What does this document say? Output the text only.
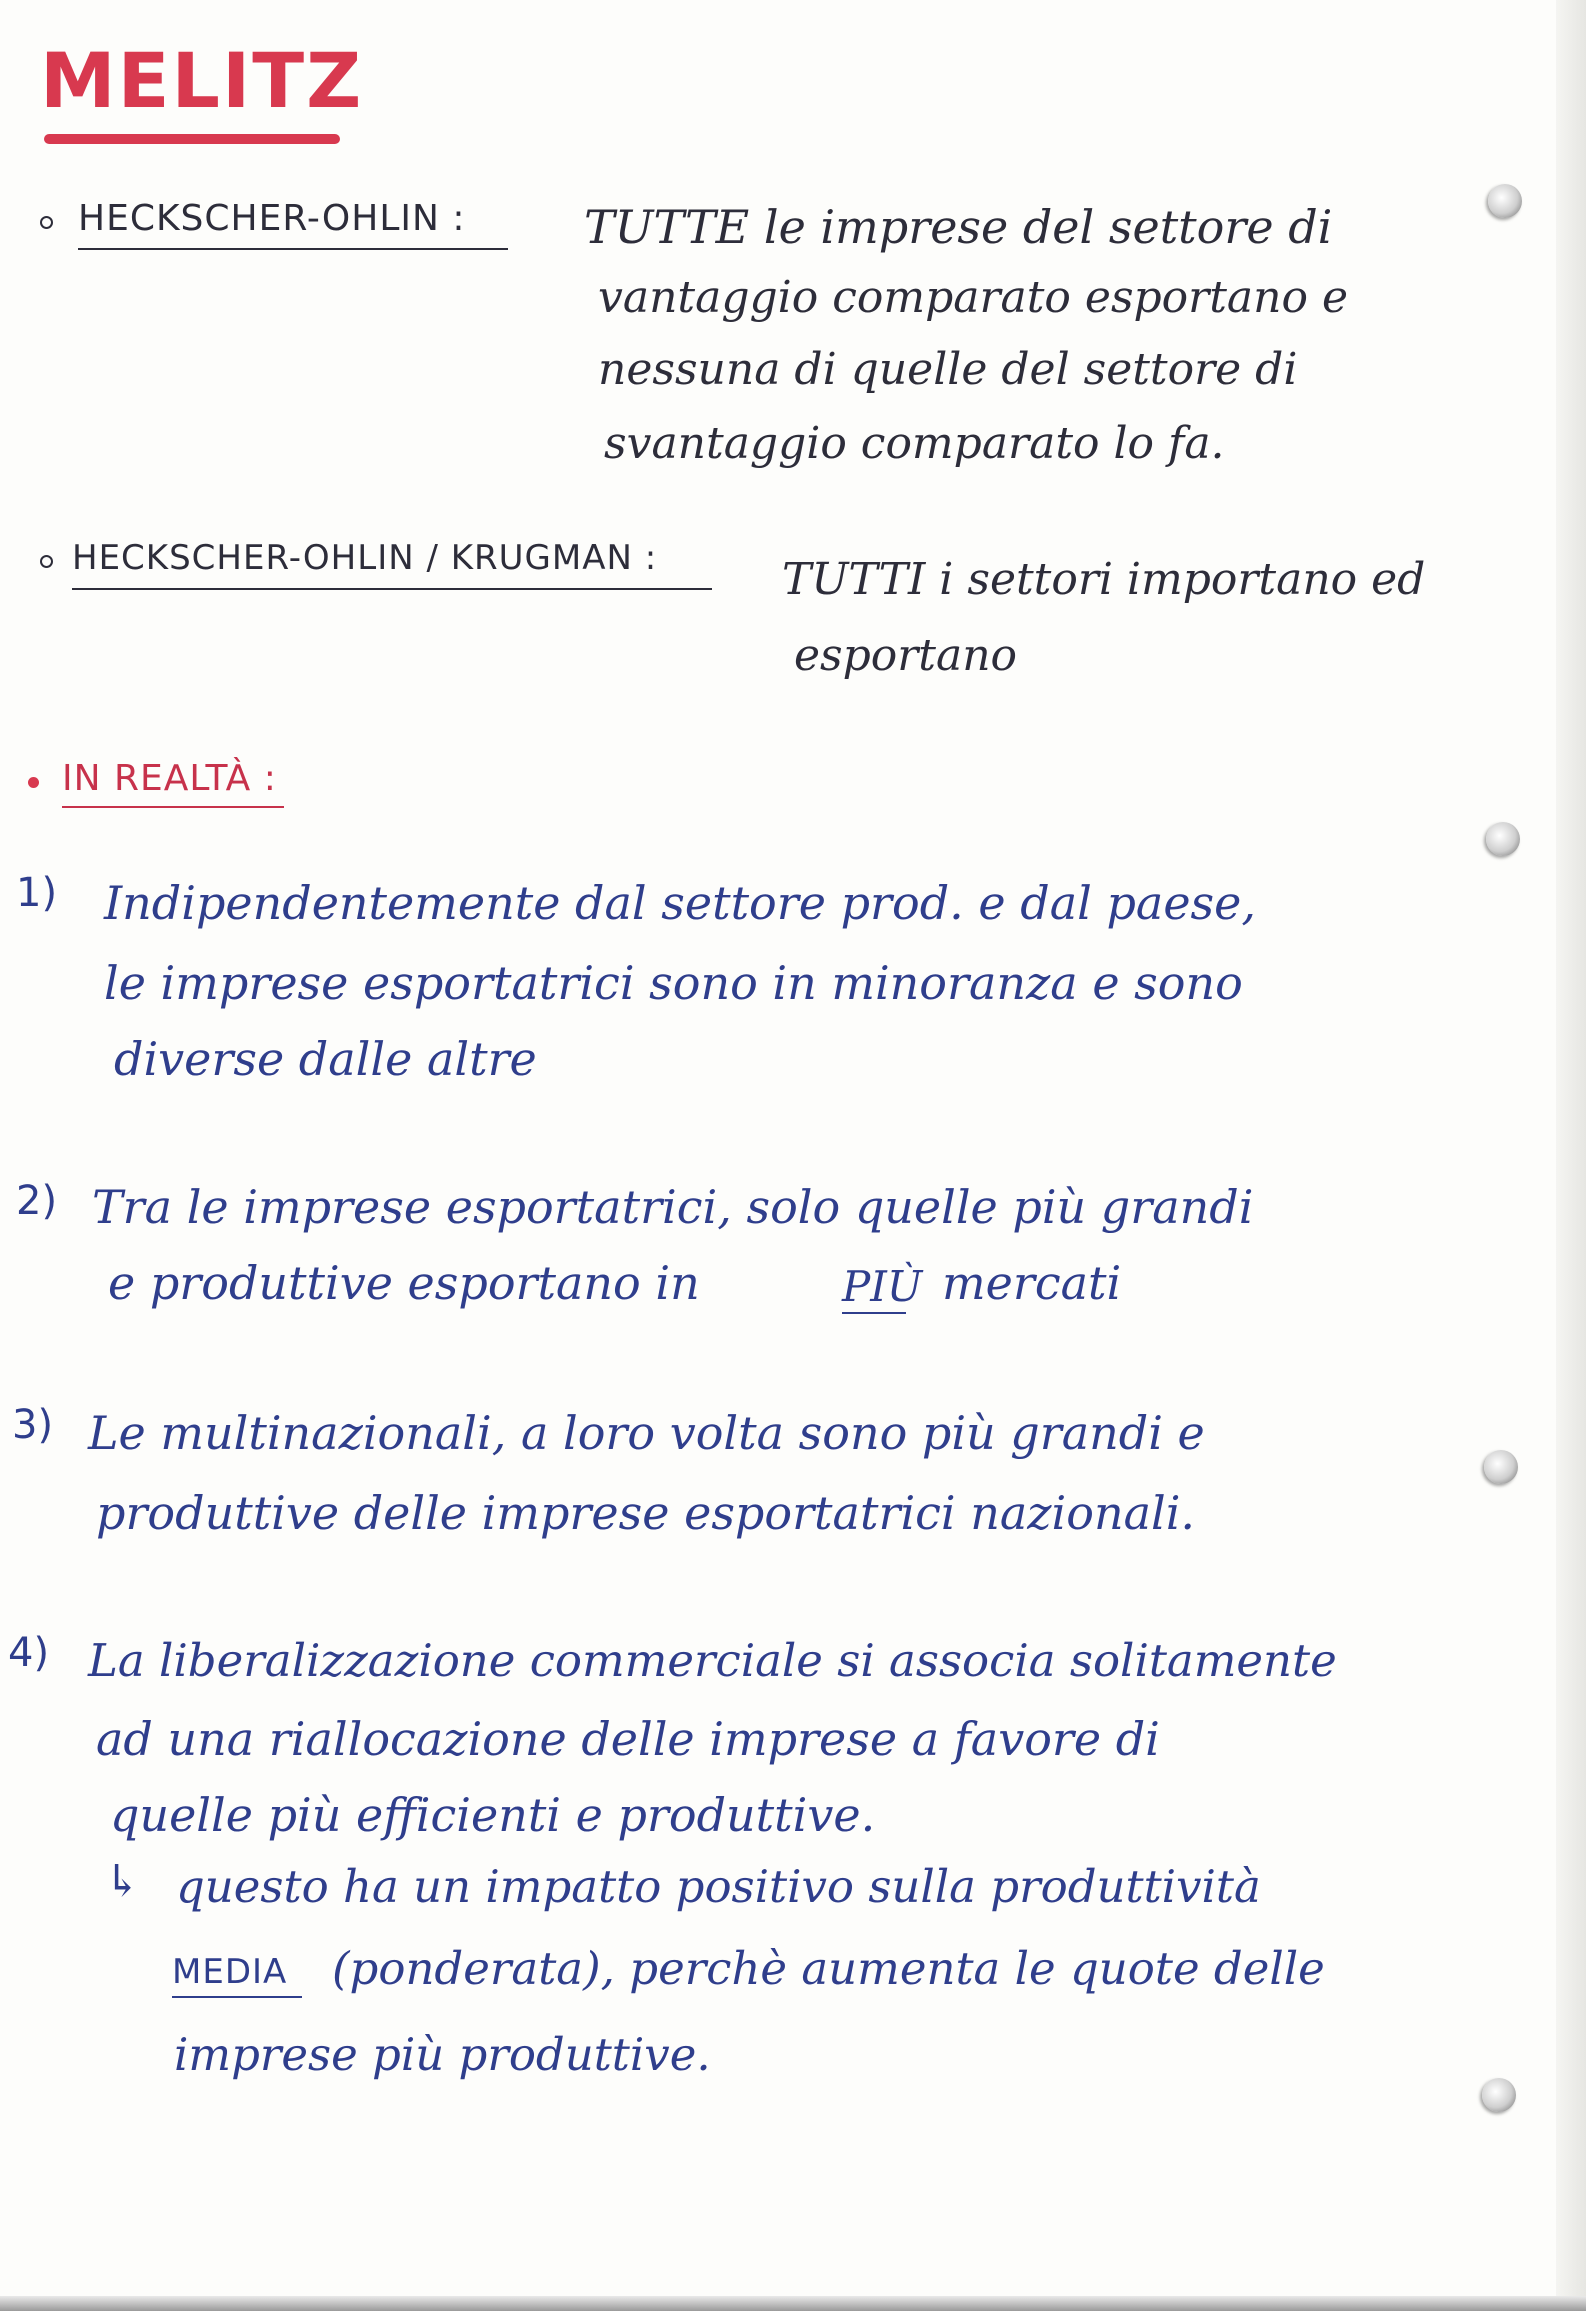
MELITZ
HECKSCHER-OHLIN :	TUTTE le imprese del settore di
vantaggio comparato esportano e
nessuna di quelle del settore di
svantaggio comparato lo fa.
HECKSCHER-OHLIN / KRUGMAN :	TUTTI i settori importano ed
esportano
IN REALTÀ :
1) Indipendentemente dal settore prod. e dal paese,
le imprese esportatrici sono in minoranza e sono
diverse dalle altre
2) Tra le imprese esportatrici, solo quelle più grandi
e produttive esportano in	PIÙ mercati
3) Le multinazionali, a loro volta sono più grandi e
produttive delle imprese esportatrici nazionali.
4) La liberalizzazione commerciale si associa solitamente
ad una riallocazione delle imprese a favore di
quelle più efficienti e produttive.
↳ questo ha un impatto positivo sulla produttività
MEDIA (ponderata), perchè aumenta le quote delle
imprese più produttive.
